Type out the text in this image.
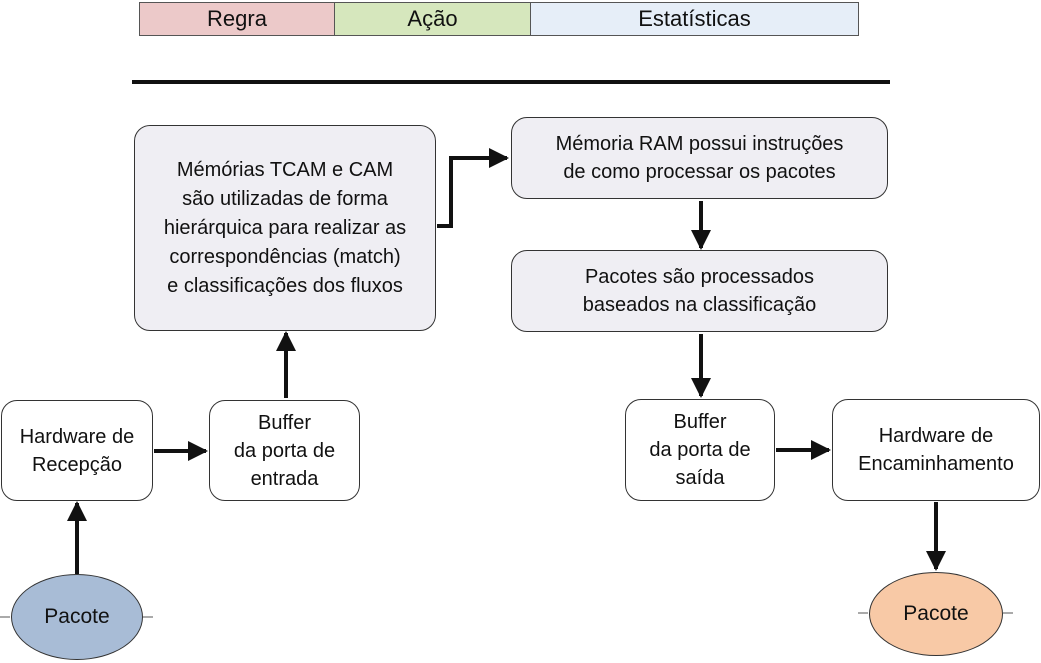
Regra	Ação	Estatísticas
Mémórias TCAM e CAM
são utilizadas de forma
hierárquica para realizar as
correspondências (match)
e classificações dos fluxos
Mémoria RAM possui instruções
de como processar os pacotes
Pacotes são processados
baseados na classificação
Hardware de
Recepção
Buffer
da porta de
entrada
Buffer
da porta de
saída
Hardware de
Encaminhamento
Pacote	Pacote
